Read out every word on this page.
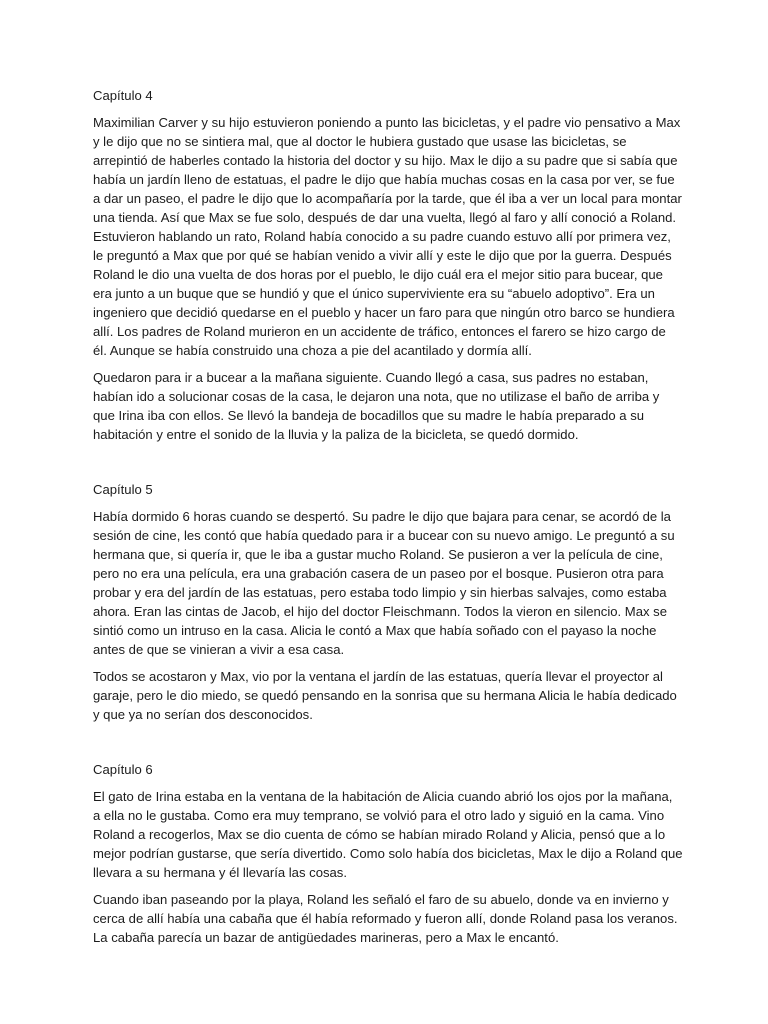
Capítulo 4

Maximilian Carver y su hijo estuvieron poniendo a punto las bicicletas, y el padre vio pensativo a Max y le dijo que no se sintiera mal, que al doctor le hubiera gustado que usase las bicicletas, se arrepintió de haberles contado la historia del doctor y su hijo. Max le dijo a su padre que si sabía que había un jardín lleno de estatuas, el padre le dijo que había muchas cosas en la casa por ver, se fue a dar un paseo, el padre le dijo que lo acompañaría por la tarde, que él iba a ver un local para montar una tienda. Así que Max se fue solo, después de dar una vuelta, llegó al faro y allí conoció a Roland. Estuvieron hablando un rato, Roland había conocido a su padre cuando estuvo allí por primera vez, le preguntó a Max que por qué se habían venido a vivir allí y este le dijo que por la guerra. Después Roland le dio una vuelta de dos horas por el pueblo, le dijo cuál era el mejor sitio para bucear, que era junto a un buque que se hundió y que el único superviviente era su “abuelo adoptivo”. Era un ingeniero que decidió quedarse en el pueblo y hacer un faro para que ningún otro barco se hundiera allí. Los padres de Roland murieron en un accidente de tráfico, entonces el farero se hizo cargo de él. Aunque se había construido una choza a pie del acantilado y dormía allí.

Quedaron para ir a bucear a la mañana siguiente. Cuando llegó a casa, sus padres no estaban, habían ido a solucionar cosas de la casa, le dejaron una nota, que no utilizase el baño de arriba y que Irina iba con ellos. Se llevó la bandeja de bocadillos que su madre le había preparado a su habitación y entre el sonido de la lluvia y la paliza de la bicicleta, se quedó dormido.

Capítulo 5

Había dormido 6 horas cuando se despertó. Su padre le dijo que bajara para cenar, se acordó de la sesión de cine, les contó que había quedado para ir a bucear con su nuevo amigo. Le preguntó a su hermana que, si quería ir, que le iba a gustar mucho Roland. Se pusieron a ver la película de cine, pero no era una película, era una grabación casera de un paseo por el bosque. Pusieron otra para probar y era del jardín de las estatuas, pero estaba todo limpio y sin hierbas salvajes, como estaba ahora. Eran las cintas de Jacob, el hijo del doctor Fleischmann. Todos la vieron en silencio. Max se sintió como un intruso en la casa. Alicia le contó a Max que había soñado con el payaso la noche antes de que se vinieran a vivir a esa casa.

Todos se acostaron y Max, vio por la ventana el jardín de las estatuas, quería llevar el proyector al garaje, pero le dio miedo, se quedó pensando en la sonrisa que su hermana Alicia le había dedicado y que ya no serían dos desconocidos.

Capítulo 6

El gato de Irina estaba en la ventana de la habitación de Alicia cuando abrió los ojos por la mañana, a ella no le gustaba. Como era muy temprano, se volvió para el otro lado y siguió en la cama. Vino Roland a recogerlos, Max se dio cuenta de cómo se habían mirado Roland y Alicia, pensó que a lo mejor podrían gustarse, que sería divertido. Como solo había dos bicicletas, Max le dijo a Roland que llevara a su hermana y él llevaría las cosas.

Cuando iban paseando por la playa, Roland les señaló el faro de su abuelo, donde va en invierno y cerca de allí había una cabaña que él había reformado y fueron allí, donde Roland pasa los veranos. La cabaña parecía un bazar de antigüedades marineras, pero a Max le encantó.
